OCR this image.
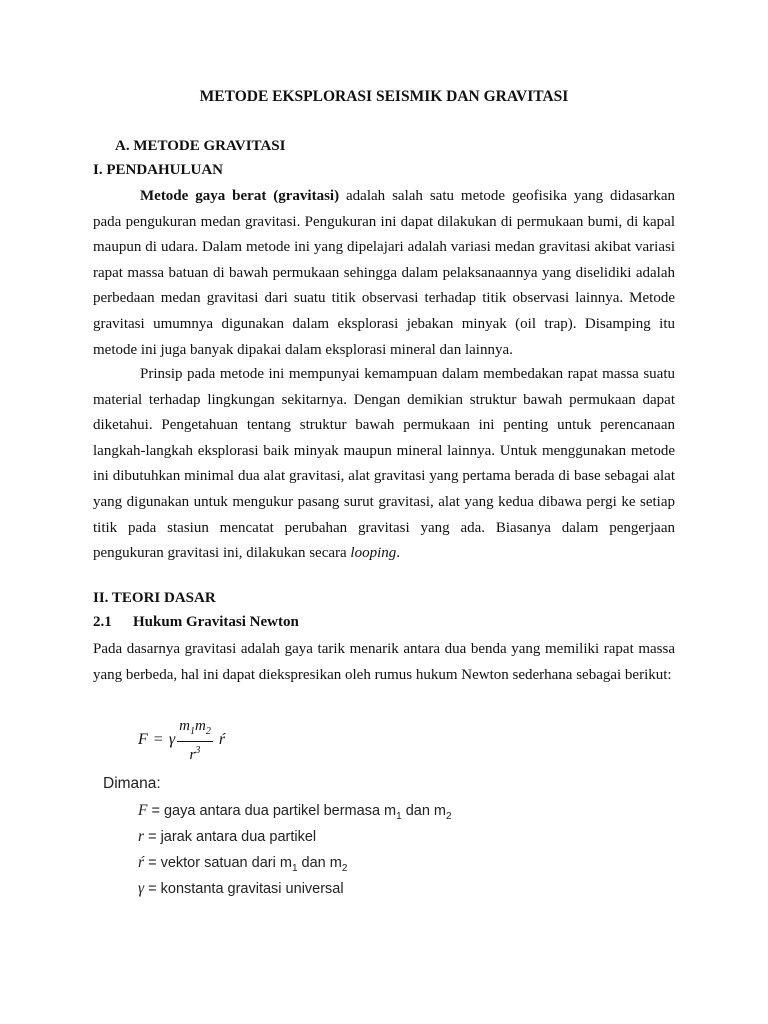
METODE EKSPLORASI SEISMIK DAN GRAVITASI
A. METODE GRAVITASI
I. PENDAHULUAN

Metode gaya berat (gravitasi) adalah salah satu metode geofisika yang didasarkan pada pengukuran medan gravitasi. Pengukuran ini dapat dilakukan di permukaan bumi, di kapal maupun di udara. Dalam metode ini yang dipelajari adalah variasi medan gravitasi akibat variasi rapat massa batuan di bawah permukaan sehingga dalam pelaksanaannya yang diselidiki adalah perbedaan medan gravitasi dari suatu titik observasi terhadap titik observasi lainnya. Metode gravitasi umumnya digunakan dalam eksplorasi jebakan minyak (oil trap). Disamping itu metode ini juga banyak dipakai dalam eksplorasi mineral dan lainnya.

Prinsip pada metode ini mempunyai kemampuan dalam membedakan rapat massa suatu material terhadap lingkungan sekitarnya. Dengan demikian struktur bawah permukaan dapat diketahui. Pengetahuan tentang struktur bawah permukaan ini penting untuk perencanaan langkah-langkah eksplorasi baik minyak maupun mineral lainnya. Untuk menggunakan metode ini dibutuhkan minimal dua alat gravitasi, alat gravitasi yang pertama berada di base sebagai alat yang digunakan untuk mengukur pasang surut gravitasi, alat yang kedua dibawa pergi ke setiap titik pada stasiun mencatat perubahan gravitasi yang ada. Biasanya dalam pengerjaan pengukuran gravitasi ini, dilakukan secara looping.

II. TEORI DASAR
2.1 Hukum Gravitasi Newton

Pada dasarnya gravitasi adalah gaya tarik menarik antara dua benda yang memiliki rapat massa yang berbeda, hal ini dapat diekspresikan oleh rumus hukum Newton sederhana sebagai berikut:

F = γ $\frac{m_1m_2}{r^3}$ ŕ
Dimana:
F = gaya antara dua partikel bermasa $m_1$ dan $m_2$
r = jarak antara dua partikel
ŕ = vektor satuan dari $m_1$ dan $m_2$
γ = konstanta gravitasi universal
